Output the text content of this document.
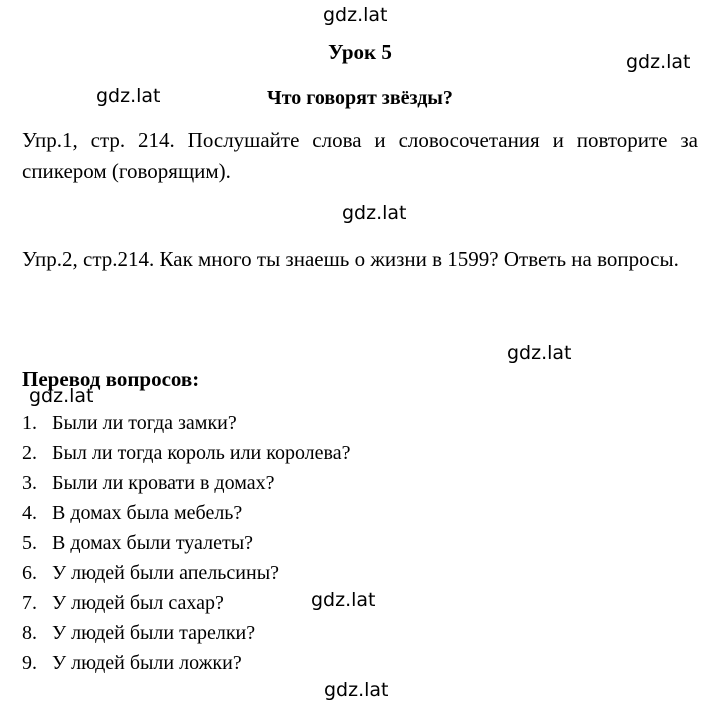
gdz.lat
gdz.lat
gdz.lat
gdz.lat
gdz.lat
gdz.lat
gdz.lat
gdz.lat
Урок 5
Что говорят звёзды?
Упр.1, стр. 214. Послушайте слова и словосочетания и повторите за спикером (говорящим).
Упр.2, стр.214. Как много ты знаешь о жизни в 1599? Ответь на вопросы.
Перевод вопросов:
1. Были ли тогда замки?
2. Был ли тогда король или королева?
3. Были ли кровати в домах?
4. В домах была мебель?
5. В домах были туалеты?
6. У людей были апельсины?
7. У людей был сахар?
8. У людей были тарелки?
9. У людей были ложки?
